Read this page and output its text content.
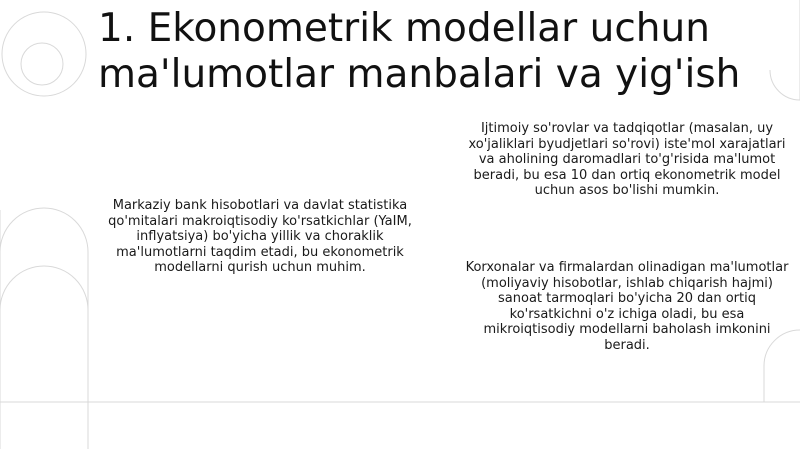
1. Ekonometrik modellar uchun ma'lumotlar manbalari va yig'ish
Markaziy bank hisobotlari va davlat statistika qo'mitalari makroiqtisodiy ko'rsatkichlar (YaIM, inflyatsiya) bo'yicha yillik va choraklik ma'lumotlarni taqdim etadi, bu ekonometrik modellarni qurish uchun muhim.
Ijtimoiy so'rovlar va tadqiqotlar (masalan, uy xo'jaliklari byudjetlari so'rovi) iste'mol xarajatlari va aholining daromadlari to'g'risida ma'lumot beradi, bu esa 10 dan ortiq ekonometrik model uchun asos bo'lishi mumkin.
Korxonalar va firmalardan olinadigan ma'lumotlar (moliyaviy hisobotlar, ishlab chiqarish hajmi) sanoat tarmoqlari bo'yicha 20 dan ortiq ko'rsatkichni o'z ichiga oladi, bu esa mikroiqtisodiy modellarni baholash imkonini beradi.
